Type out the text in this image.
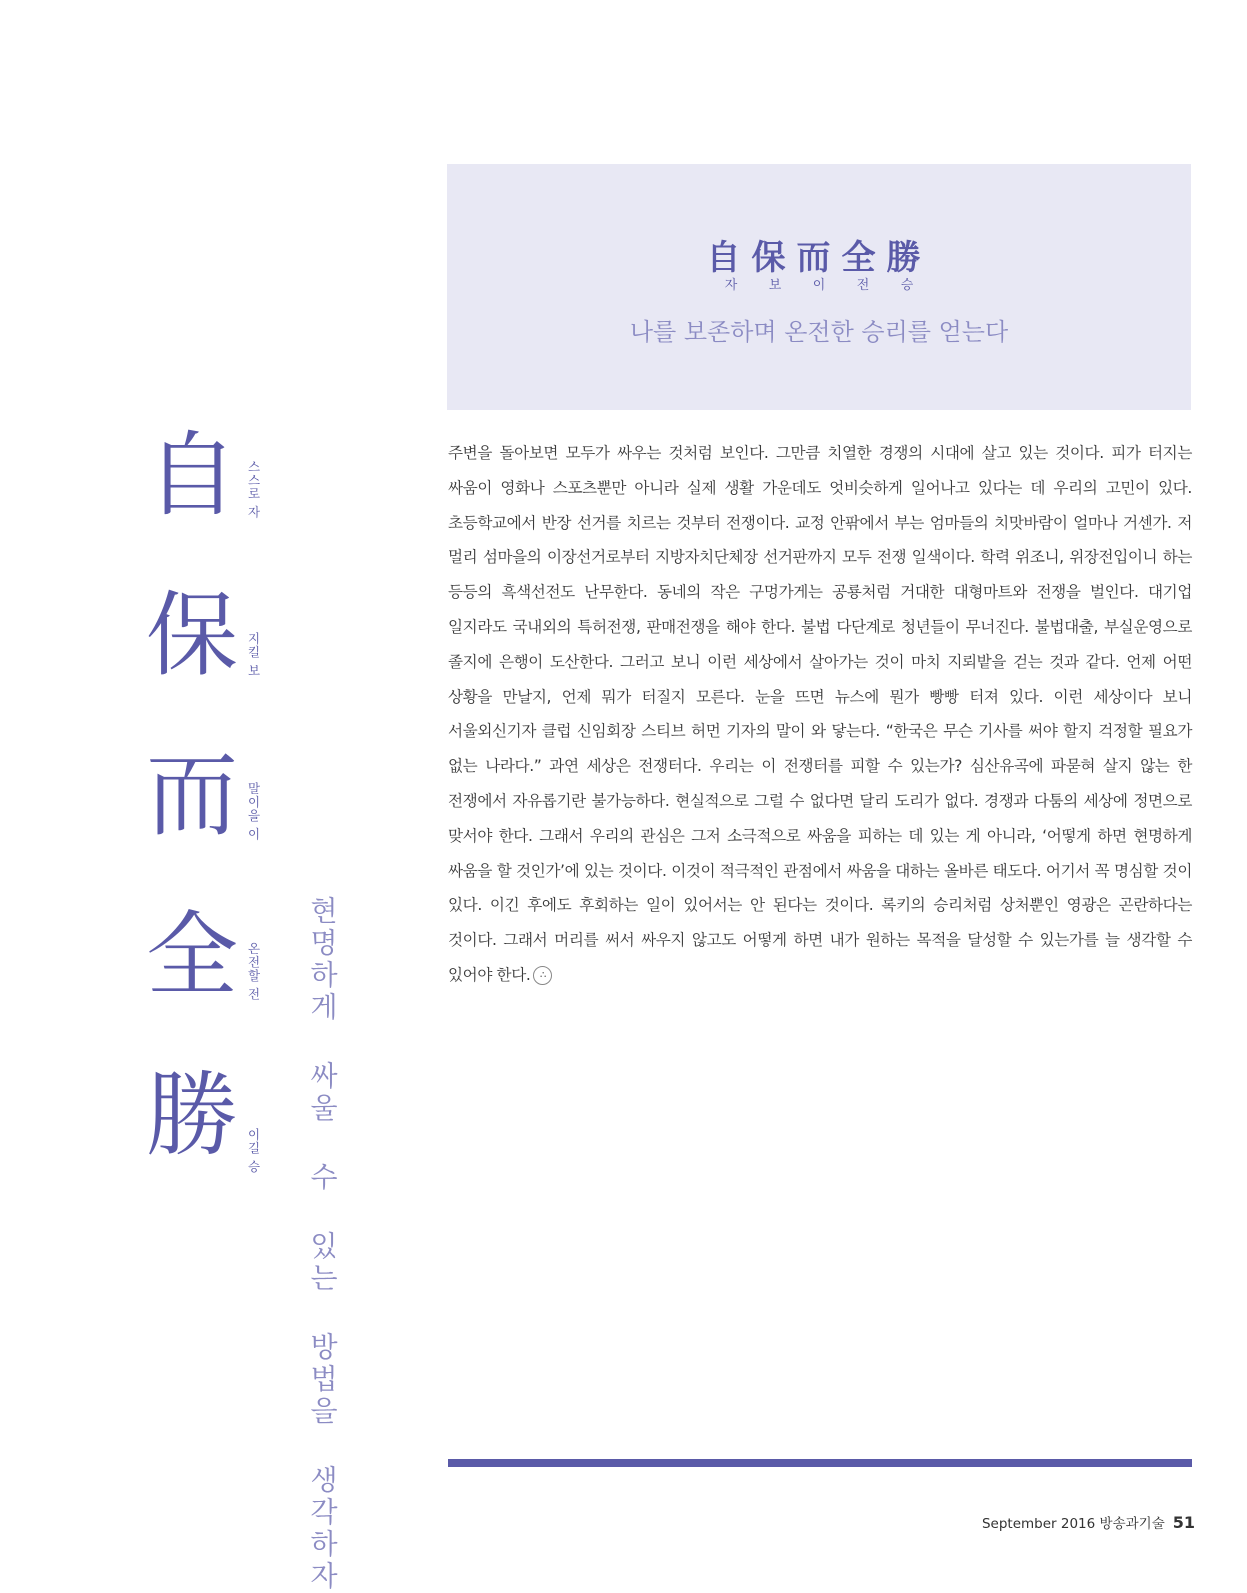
自保而全勝
자 보 이 전 승
나를 보존하며 온전한 승리를 얻는다
주변을 돌아보면 모두가 싸우는 것처럼 보인다. 그만큼 치열한 경쟁의 시대에 살고 있는 것이다. 피가 터지는 싸움이 영화나 스포츠뿐만 아니라 실제 생활 가운데도 엇비슷하게 일어나고 있다는 데 우리의 고민이 있다. 초등학교에서 반장 선거를 치르는 것부터 전쟁이다. 교정 안팎에서 부는 엄마들의 치맛바람이 얼마나 거센가. 저 멀리 섬마을의 이장선거로부터 지방자치단체장 선거판까지 모두 전쟁 일색이다. 학력 위조니, 위장전입이니 하는 등등의 흑색선전도 난무한다. 동네의 작은 구멍가게는 공룡처럼 거대한 대형마트와 전쟁을 벌인다. 대기업 일지라도 국내외의 특허전쟁, 판매전쟁을 해야 한다. 불법 다단계로 청년들이 무너진다. 불법대출, 부실운영으로 졸지에 은행이 도산한다. 그러고 보니 이런 세상에서 살아가는 것이 마치 지뢰밭을 걷는 것과 같다. 언제 어떤 상황을 만날지, 언제 뭐가 터질지 모른다. 눈을 뜨면 뉴스에 뭔가 빵빵 터져 있다. 이런 세상이다 보니 서울외신기자 클럽 신임회장 스티브 허먼 기자의 말이 와 닿는다. “한국은 무슨 기사를 써야 할지 걱정할 필요가 없는 나라다.” 과연 세상은 전쟁터다. 우리는 이 전쟁터를 피할 수 있는가? 심산유곡에 파묻혀 살지 않는 한 전쟁에서 자유롭기란 불가능하다. 현실적으로 그럴 수 없다면 달리 도리가 없다. 경쟁과 다툼의 세상에 정면으로 맞서야 한다. 그래서 우리의 관심은 그저 소극적으로 싸움을 피하는 데 있는 게 아니라, ‘어떻게 하면 현명하게 싸움을 할 것인가’에 있는 것이다. 이것이 적극적인 관점에서 싸움을 대하는 올바른 태도다. 어기서 꼭 명심할 것이 있다. 이긴 후에도 후회하는 일이 있어서는 안 된다는 것이다. 록키의 승리처럼 상처뿐인 영광은 곤란하다는 것이다. 그래서 머리를 써서 싸우지 않고도 어떻게 하면 내가 원하는 목적을 달성할 수 있는가를 늘 생각할 수 있어야 한다. ⛬
自 스스로 자
保 지킬 보
而 말이을 이
全 온전할 전
勝 이길 승 현명하게 싸울 수 있는 방법을 생각하자	September 2016 방송과기술 51
